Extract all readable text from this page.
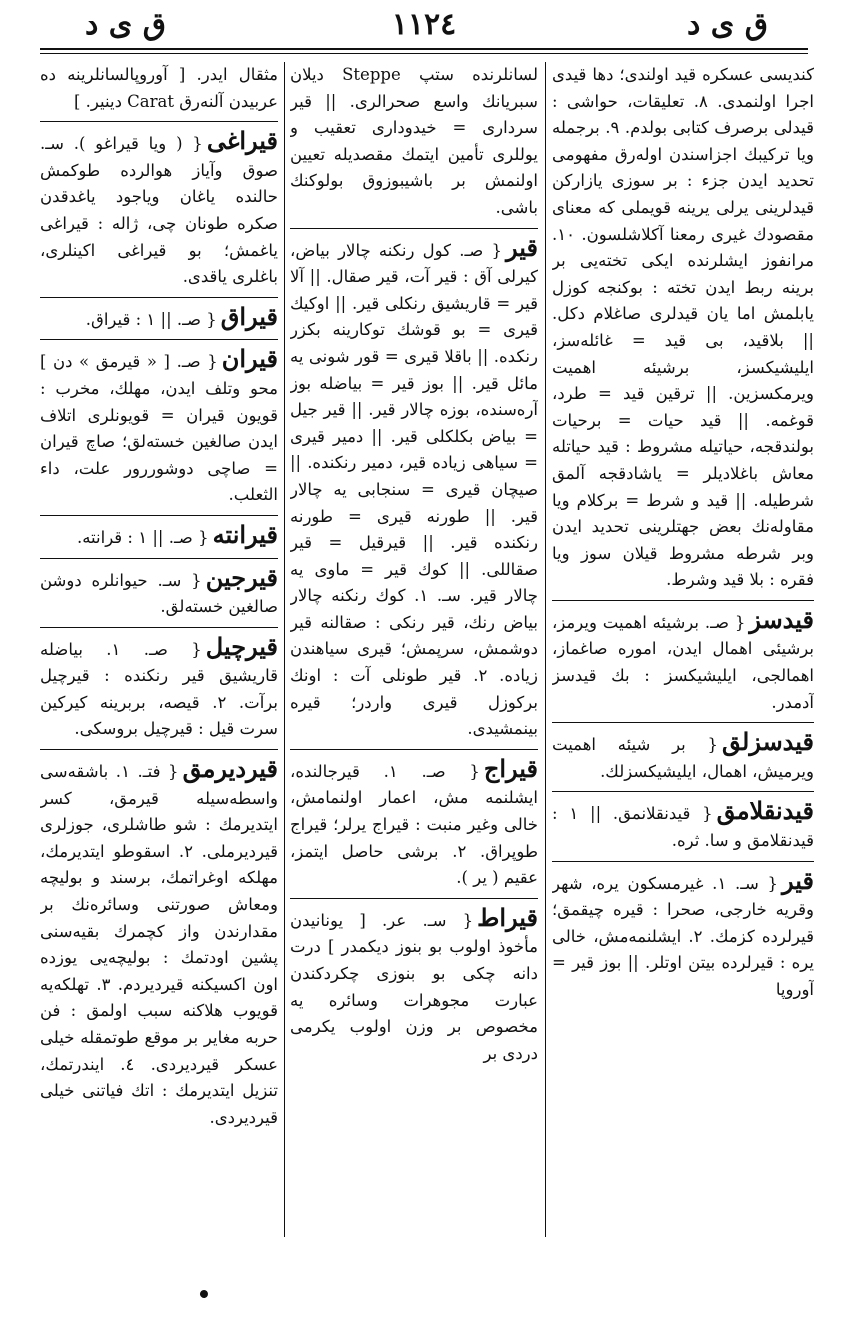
ق ى د	١١٢٤	ق ى د

كنديسى عسكره قيد اولندى؛ دها قيدى اجرا اولنمدى. ٨. تعليقات، حواشى : قيدلى برصرف كتابى بولدم. ٩. برجمله ويا تركيبك اجزاسندن اوله‌رق مفهومى تحديد ايدن جزء : بر سوزى يازاركن قيدلرينى يرلى يرينه قويملى كه معناى مقصودك غيرى رمعنا آكلاشلسون. ١٠. مرانفوز ايشلرنده ايكى تخته‌يى بر برينه ربط ايدن تخته : بوكنجه كوزل يابلمش اما يان قيدلرى صاغلام دكل. || بلاقيد، بى قيد = غائله‌سز، ايليشيكسز، برشيئه اهميت ويرمكسزين. || ترقين قيد = طرد، قوغمه. || قيد حيات = برحيات بولندقجه، حياتيله مشروط : قيد حياتله معاش باغلاديلر = ياشادقجه آلمق شرطيله. || قيد و شرط = بركلام ويا مقاوله‌نك بعض جهتلرينى تحديد ايدن وبر شرطه مشروط قيلان سوز ويا فقره : بلا قيد وشرط.

قيدسز{ صـ. برشيئه اهميت ويرمز، برشيئى اهمال ايدن، اموره صاغماز، اهمالجى، ايليشيكسز : بك قيدسز آدمدر.

قيدسزلق{ بر شيئه اهميت ويرميش، اهمال، ايليشيكسزلك.

قيدنقلامق{ قيدنقلانمق. || ١ : قيدنقلامق و سا. ثره.

قير{ سـ. ١. غيرمسكون يره، شهر وقريه خارجى، صحرا : قيره چيقمق؛ قيرلرده كزمك. ٢. ايشلنمه‌مش، خالى يره : قيرلرده بيتن اوتلر. || بوز قير = آوروپا

لسانلرنده ستپ Steppe ديلان سبريانك واسع صحرالرى. || قير سردارى = خيدودارى تعقيب و يوللرى تأمين ايتمك مقصديله تعيين اولنمش بر باشيبوزوق بولوكنك باشى.

قير{ صـ. كول رنكنه چالار بياض، كيرلى آق : قير آت، قير صقال. || آلا قير = قاريشيق رنكلى قير. || اوكيك قيرى = بو قوشك توكارينه بكزر رنكده. || باقلا قيرى = قور شونى يه مائل قير. || بوز قير = بياضله بوز آره‌سنده، بوزه چالار قير. || قير جيل = بياض بكلكلى قير. || دمير قيرى = سياهى زياده قير، دمير رنكنده. || صيچان قيرى = سنجابى يه چالار قير. || طورنه قيرى = طورنه رنكنده قير. || قيرقيل = قير صقاللى. || كوك قير = ماوى يه چالار قير. سـ. ١. كوك رنكنه چالار بياض رنك، قير رنكى : صقالنه قير دوشمش، سرپمش؛ قيرى سياهندن زياده. ٢. قير طونلى آت : اونك بركوزل قيرى واردر؛ قيره بينمشيدى.

قيراج{ صـ. ١. قيرجالنده، ايشلنمه مش، اعمار اولنمامش، خالى وغير منبت : قيراج يرلر؛ قيراج طوپراق. ٢. برشى حاصل ايتمز، عقيم ( ير ).

قيراط{ سـ. عر. [ يونانيدن مأخوذ اولوب بو بنوز ديكمدر ] درت دانه چكى بو بنوزى چكردكندن عبارت مجوهرات وسائره يه مخصوص بر وزن اولوب يكرمى دردى بر

مثقال ايدر. [ آوروپالسانلرينه ده عربيدن آلنه‌رق Carat دينير. ]

قيراغى{ ( ويا قيراغو ). سـ. صوق وآياز هوالرده طوكمش حالنده ياغان وياجود ياغدقدن صكره طونان چى، ژاله : قيراغى ياغمش؛ بو قيراغى اكينلرى، باغلرى ياقدى.

قيراق{ صـ. || ١ : قيراق.

قيران{ صـ. [ « قيرمق » دن ] محو وتلف ايدن، مهلك، مخرب : قويون قيران = قويونلرى اتلاف ايدن صالغين خسته‌لق؛ صاچ قيران = صاچى دوشوررور علت، داء الثعلب.

قيرانته{ صـ. || ١ : قرانته.

قيرجين{ سـ. حيوانلره دوشن صالغين خسته‌لق.

قيرچيل{ صـ. ١. بياضله قاريشيق قير رنكنده : قيرچيل برآت. ٢. قيصه، بربرينه كيركين سرت قيل : قيرچيل بروسكى.

قيرديرمق{ فتـ. ١. باشقه‌سى واسطه‌سيله قيرمق، كسر ايتديرمك : شو طاشلرى، جوزلرى قيرديرملى. ٢. اسقوطو ايتديرمك، مهلكه اوغراتمك، برسند و بوليچه ومعاش صورتنى وسائره‌نك بر مقدارندن واز كچمرك بقيه‌سنى پشين اودتمك : بوليچه‌يى يوزده اون اكسيكنه قيرديردم. ٣. تهلكه‌يه قويوب هلاكنه سبب اولمق : فن حربه مغاير بر موقع طوتمقله خيلى عسكر قيرديردى. ٤. ايندرتمك، تنزيل ايتديرمك : اتك فياتنى خيلى قيرديردى.
